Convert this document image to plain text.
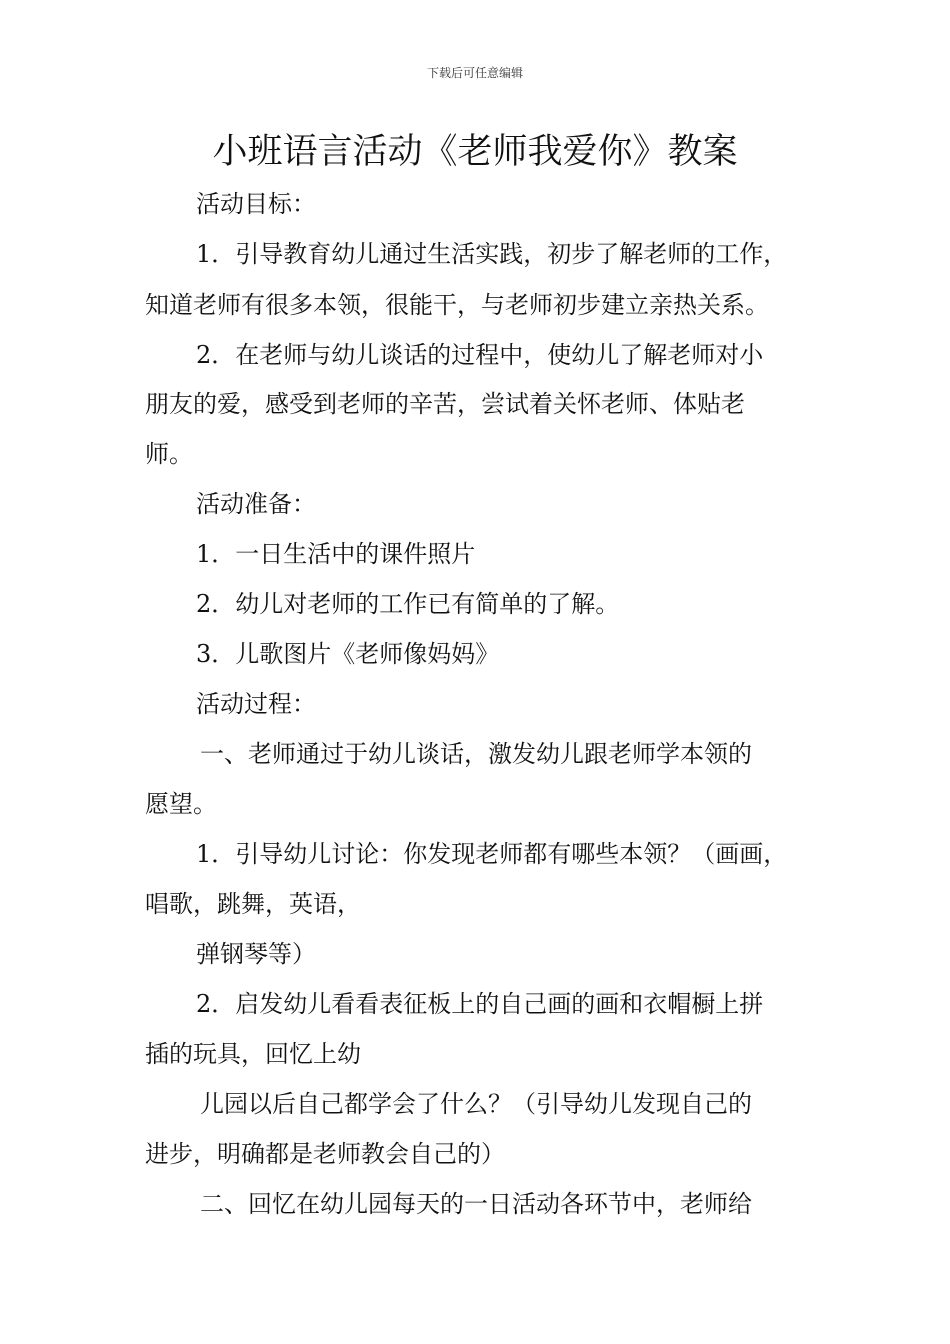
下载后可任意编辑
小班语言活动《老师我爱你》教案
活动目标：
1．引导教育幼儿通过生活实践，初步了解老师的工作，
知道老师有很多本领，很能干，与老师初步建立亲热关系。
2．在老师与幼儿谈话的过程中，使幼儿了解老师对小
朋友的爱，感受到老师的辛苦，尝试着关怀老师、体贴老
师。
活动准备：
1．一日生活中的课件照片
2．幼儿对老师的工作已有简单的了解。
3．儿歌图片《老师像妈妈》
活动过程：
一、老师通过于幼儿谈话，激发幼儿跟老师学本领的
愿望。
1．引导幼儿讨论：你发现老师都有哪些本领？（画画，
唱歌，跳舞，英语，
弹钢琴等）
2．启发幼儿看看表征板上的自己画的画和衣帽橱上拼
插的玩具，回忆上幼
儿园以后自己都学会了什么？（引导幼儿发现自己的
进步，明确都是老师教会自己的）
二、回忆在幼儿园每天的一日活动各环节中，老师给
